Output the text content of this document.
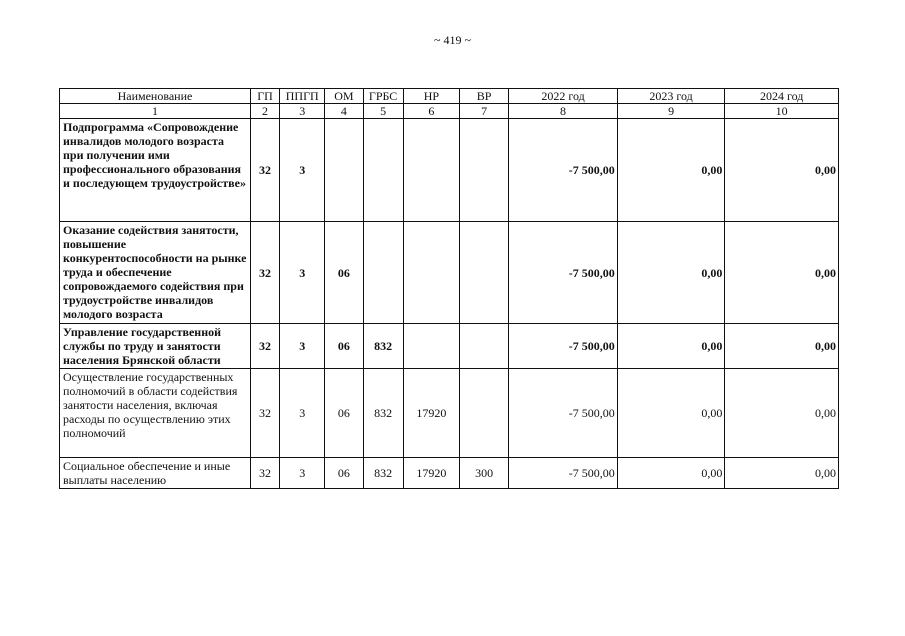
~ 419 ~
Наименование	ГП	ППГП	ОМ	ГРБС	НР	ВР	2022 год	2023 год	2024 год
1	2	3	4	5	6	7	8	9	10
Подпрограмма «Сопровождение инвалидов молодого возраста при получении ими профессионального образования и последующем трудоустройстве»	32	3					-7 500,00	0,00	0,00
Оказание содействия занятости, повышение конкурентоспособности на рынке труда и обеспечение сопровождаемого содействия при трудоустройстве инвалидов молодого возраста	32	3	06				-7 500,00	0,00	0,00
Управление государственной службы по труду и занятости населения Брянской области	32	3	06	832			-7 500,00	0,00	0,00
Осуществление государственных полномочий в области содействия занятости населения, включая расходы по осуществлению этих полномочий	32	3	06	832	17920		-7 500,00	0,00	0,00
Социальное обеспечение и иные выплаты населению	32	3	06	832	17920	300	-7 500,00	0,00	0,00
